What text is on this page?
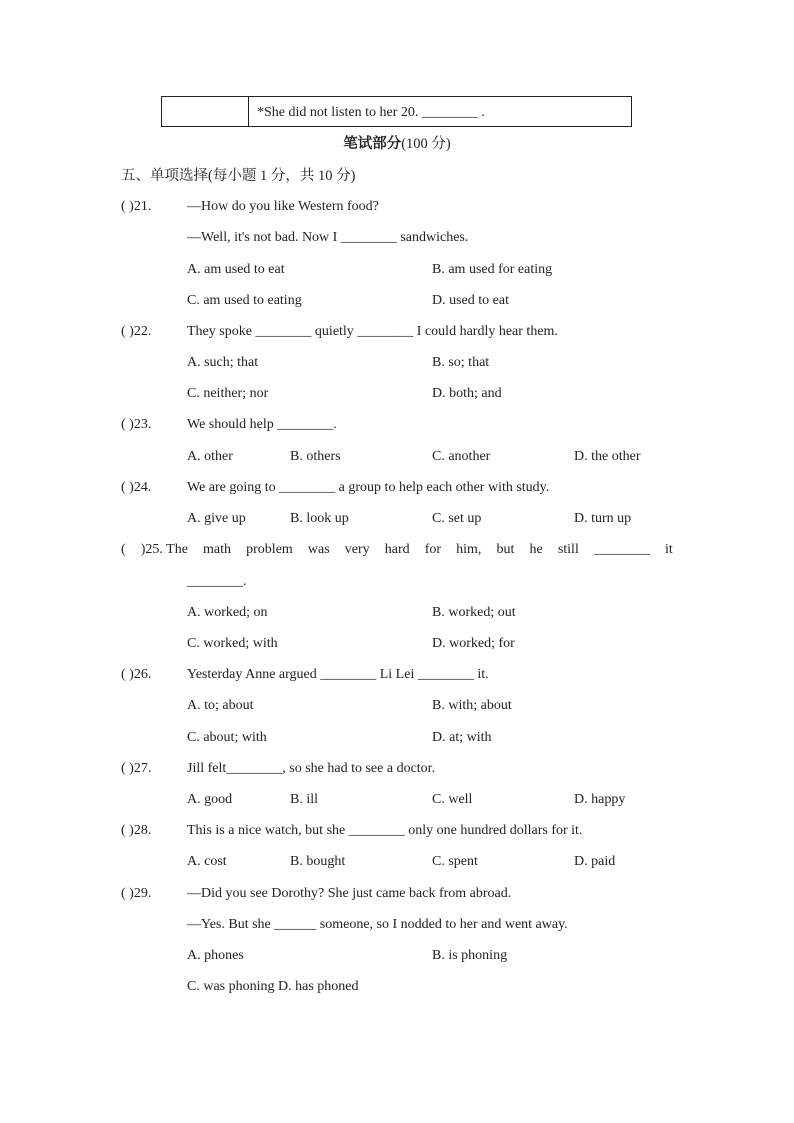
*She did not listen to her 20. ________ .
笔试部分(100 分)
五、单项选择(每小题 1 分，共 10 分)
( )21.	—How do you like Western food?
—Well, it's not bad. Now I ________ sandwiches.
A. am used to eat	B. am used for eating
C. am used to eating	D. used to eat
( )22.	They spoke ________ quietly ________ I could hardly hear them.
A. such; that	B. so; that
C. neither; nor	D. both; and
( )23.	We should help ________.
A. other	B. others	C. another	D. the other
( )24.	We are going to ________ a group to help each other with study.
A. give up	B. look up	C. set up	D. turn up
( )25. The math problem was very hard for him, but he still ________ it
________.
A. worked; on	B. worked; out
C. worked; with	D. worked; for
( )26.	Yesterday Anne argued ________ Li Lei ________ it.
A. to; about	B. with; about
C. about; with	D. at; with
( )27.	Jill felt________, so she had to see a doctor.
A. good	B. ill	C. well	D. happy
( )28.	This is a nice watch, but she ________ only one hundred dollars for it.
A. cost	B. bought	C. spent	D. paid
( )29.	—Did you see Dorothy? She just came back from abroad.
—Yes. But she ______ someone, so I nodded to her and went away.
A. phones	B. is phoning
C. was phoning D. has phoned
